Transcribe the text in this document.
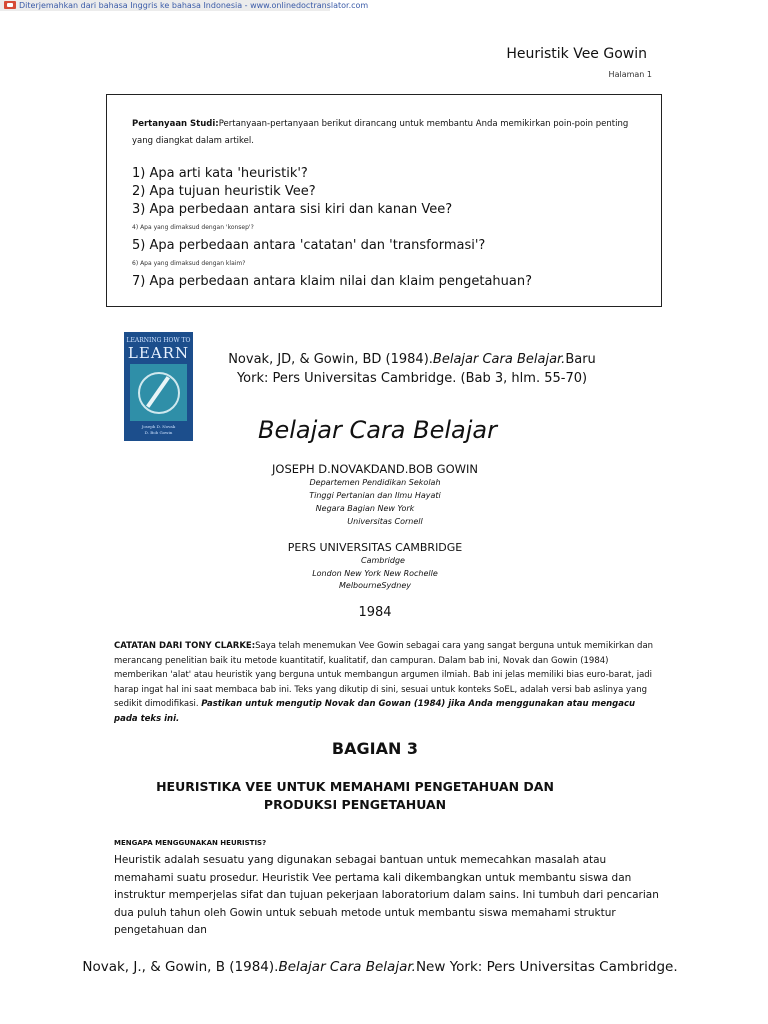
Diterjemahkan dari bahasa Inggris ke bahasa Indonesia - www.onlinedoctranslator.com
Heuristik Vee Gowin
Halaman 1
Pertanyaan Studi:Pertanyaan-pertanyaan berikut dirancang untuk membantu Anda memikirkan poin-poin penting yang diangkat dalam artikel.
1) Apa arti kata 'heuristik'?
2) Apa tujuan heuristik Vee?
3) Apa perbedaan antara sisi kiri dan kanan Vee?
4) Apa yang dimaksud dengan 'konsep'?
5) Apa perbedaan antara 'catatan' dan 'transformasi'?
6) Apa yang dimaksud dengan klaim?
7) Apa perbedaan antara klaim nilai dan klaim pengetahuan?
LEARNING HOW TO
LEARN
Joseph D. Novak
D. Bob Gowin
Novak, JD, & Gowin, BD (1984).Belajar Cara Belajar.Baru
York: Pers Universitas Cambridge. (Bab 3, hlm. 55-70)
Belajar Cara Belajar
JOSEPH D.NOVAKDAND.BOB GOWIN
Departemen Pendidikan Sekolah
Tinggi Pertanian dan Ilmu Hayati
Negara Bagian New York
Universitas Cornell
PERS UNIVERSITAS CAMBRIDGE
Cambridge
London New York New Rochelle
MelbourneSydney
1984
CATATAN DARI TONY CLARKE:Saya telah menemukan Vee Gowin sebagai cara yang sangat berguna untuk memikirkan dan merancang penelitian baik itu metode kuantitatif, kualitatif, dan campuran. Dalam bab ini, Novak dan Gowin (1984) memberikan 'alat' atau heuristik yang berguna untuk membangun argumen ilmiah. Bab ini jelas memiliki bias euro-barat, jadi harap ingat hal ini saat membaca bab ini. Teks yang dikutip di sini, sesuai untuk konteks SoEL, adalah versi bab aslinya yang sedikit dimodifikasi. Pastikan untuk mengutip Novak dan Gowan (1984) jika Anda menggunakan atau mengacu pada teks ini.
BAGIAN 3
HEURISTIKA VEE UNTUK MEMAHAMI PENGETAHUAN DAN
PRODUKSI PENGETAHUAN
MENGAPA MENGGUNAKAN HEURISTIS?
Heuristik adalah sesuatu yang digunakan sebagai bantuan untuk memecahkan masalah atau memahami suatu prosedur. Heuristik Vee pertama kali dikembangkan untuk membantu siswa dan instruktur memperjelas sifat dan tujuan pekerjaan laboratorium dalam sains. Ini tumbuh dari pencarian dua puluh tahun oleh Gowin untuk sebuah metode untuk membantu siswa memahami struktur pengetahuan dan
Novak, J., & Gowin, B (1984).Belajar Cara Belajar.New York: Pers Universitas Cambridge.
